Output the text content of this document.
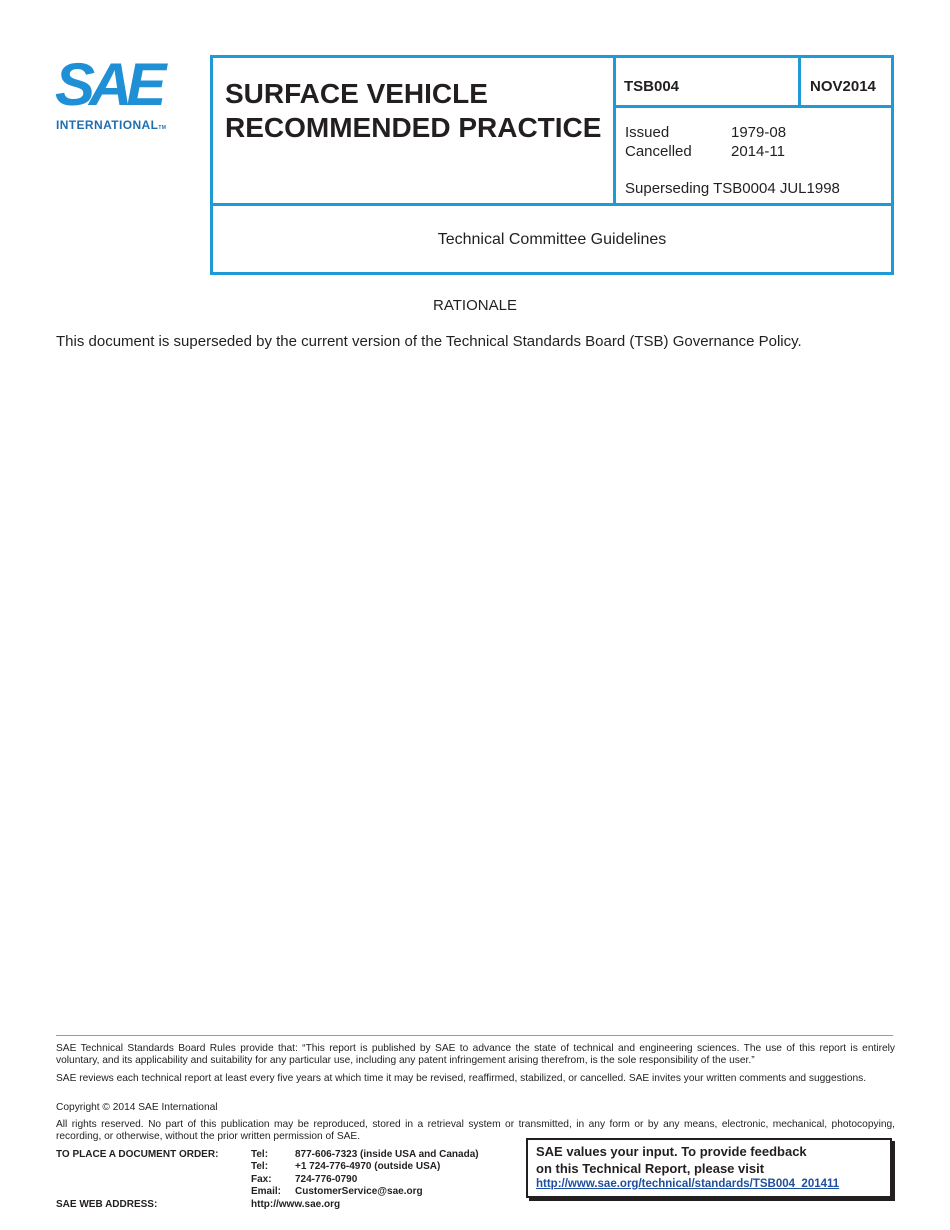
SAE
INTERNATIONALTM
SURFACE VEHICLE
RECOMMENDED PRACTICE
TSB004	NOV2014
Issued	1979-08
Cancelled	2014-11
Superseding TSB0004 JUL1998
Technical Committee Guidelines
RATIONALE
This document is superseded by the current version of the Technical Standards Board (TSB) Governance Policy.

SAE Technical Standards Board Rules provide that: “This report is published by SAE to advance the state of technical and engineering sciences. The use of this report is entirely voluntary, and its applicability and suitability for any particular use, including any patent infringement arising therefrom, is the sole responsibility of the user.”

SAE reviews each technical report at least every five years at which time it may be revised, reaffirmed, stabilized, or cancelled. SAE invites your written comments and suggestions.

Copyright © 2014 SAE International

All rights reserved. No part of this publication may be reproduced, stored in a retrieval system or transmitted, in any form or by any means, electronic, mechanical, photocopying, recording, or otherwise, without the prior written permission of SAE.

TO PLACE A DOCUMENT ORDER:	Tel:	877-606-7323 (inside USA and Canada)
Tel:	+1 724-776-4970 (outside USA)
Fax: 724-776-0790
Email: CustomerService@sae.org
SAE WEB ADDRESS:	http://www.sae.org
SAE values your input. To provide feedback
on this Technical Report, please visit
http://www.sae.org/technical/standards/TSB004_201411
